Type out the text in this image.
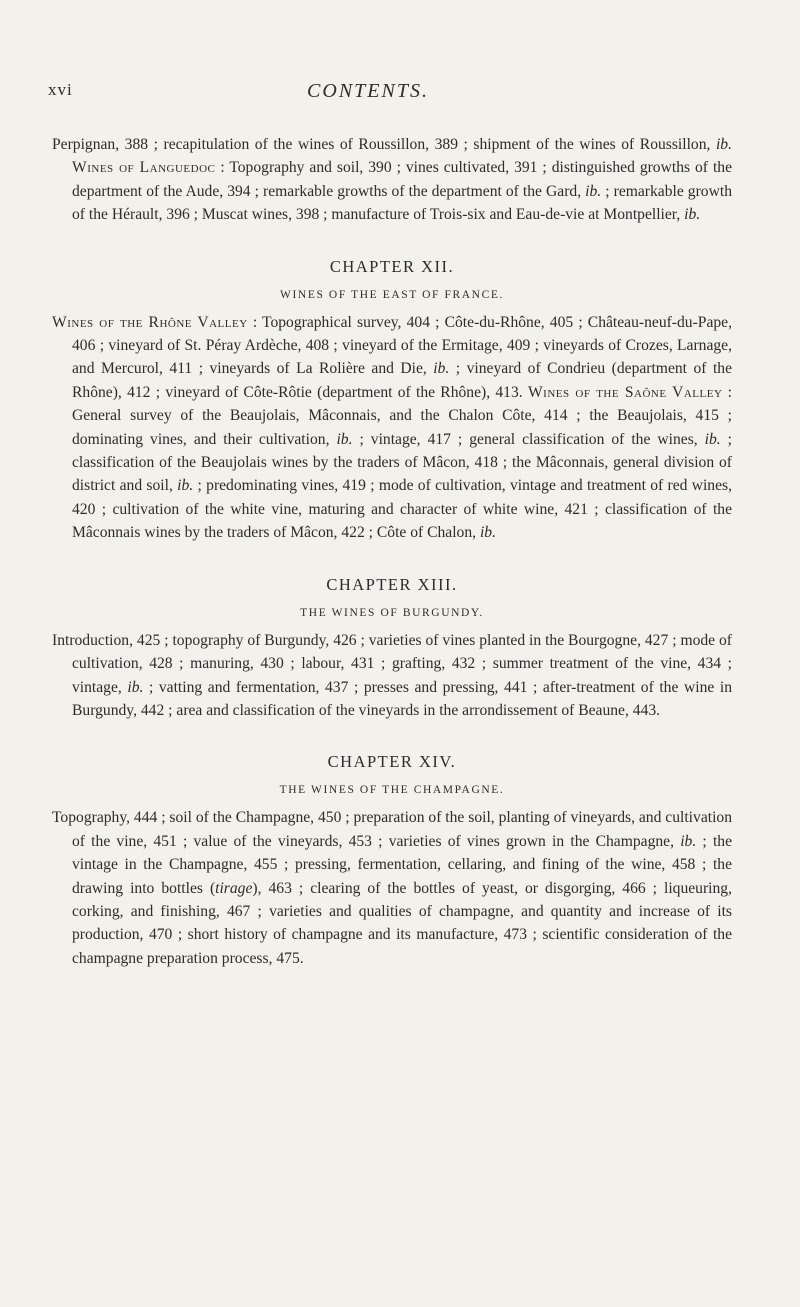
xvi	CONTENTS.

Perpignan, 388 ; recapitulation of the wines of Roussillon, 389 ; shipment of the wines of Roussillon, ib. Wines of Languedoc : Topography and soil, 390 ; vines cultivated, 391 ; distinguished growths of the department of the Aude, 394 ; remarkable growths of the department of the Gard, ib. ; remarkable growth of the Hérault, 396 ; Muscat wines, 398 ; manufacture of Trois-six and Eau-de-vie at Montpellier, ib.

CHAPTER XII.
WINES OF THE EAST OF FRANCE.

Wines of the Rhône Valley : Topographical survey, 404 ; Côte-du-Rhône, 405 ; Château-neuf-du-Pape, 406 ; vineyard of St. Péray Ardèche, 408 ; vineyard of the Ermitage, 409 ; vineyards of Crozes, Larnage, and Mercurol, 411 ; vineyards of La Rolière and Die, ib. ; vineyard of Condrieu (department of the Rhône), 412 ; vineyard of Côte-Rôtie (department of the Rhône), 413. Wines of the Saône Valley : General survey of the Beaujolais, Mâconnais, and the Chalon Côte, 414 ; the Beaujolais, 415 ; dominating vines, and their cultivation, ib. ; vintage, 417 ; general classification of the wines, ib. ; classification of the Beaujolais wines by the traders of Mâcon, 418 ; the Mâconnais, general division of district and soil, ib. ; predominating vines, 419 ; mode of cultivation, vintage and treatment of red wines, 420 ; cultivation of the white vine, maturing and character of white wine, 421 ; classification of the Mâconnais wines by the traders of Mâcon, 422 ; Côte of Chalon, ib.

CHAPTER XIII.
THE WINES OF BURGUNDY.

Introduction, 425 ; topography of Burgundy, 426 ; varieties of vines planted in the Bourgogne, 427 ; mode of cultivation, 428 ; manuring, 430 ; labour, 431 ; grafting, 432 ; summer treatment of the vine, 434 ; vintage, ib. ; vatting and fermentation, 437 ; presses and pressing, 441 ; after-treatment of the wine in Burgundy, 442 ; area and classification of the vineyards in the arrondissement of Beaune, 443.

CHAPTER XIV.
THE WINES OF THE CHAMPAGNE.

Topography, 444 ; soil of the Champagne, 450 ; preparation of the soil, planting of vineyards, and cultivation of the vine, 451 ; value of the vineyards, 453 ; varieties of vines grown in the Champagne, ib. ; the vintage in the Champagne, 455 ; pressing, fermentation, cellaring, and fining of the wine, 458 ; the drawing into bottles (tirage), 463 ; clearing of the bottles of yeast, or disgorging, 466 ; liqueuring, corking, and finishing, 467 ; varieties and qualities of champagne, and quantity and increase of its production, 470 ; short history of champagne and its manufacture, 473 ; scientific consideration of the champagne preparation process, 475.
